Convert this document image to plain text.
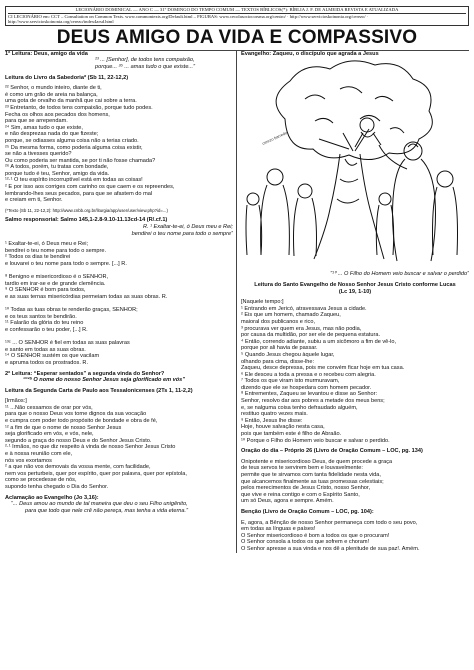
LECIONÁRIO DOMINICAL — ANO C — 31º DOMINGO DO TEMPO COMUM — TEXTOS BÍBLICOS(*): BÍBLIA J. F. DE ALMEIDA REVISTA E ATUALIZADA
CI LECIONÁRIO em: CCT – Consultation on Common Texts. www.commontexts.org/Default.html – FIGURAS: www.cecolasociocorsma.org/centro/ · http://www.servicioskoinonia.org/cerezo/ · http://www.servicioskoinonia.org/cerezo/index4arsd.html
DEUS AMIGO DA VIDA E COMPASSIVO

1ª Leitura: Deus, amigo da vida

²³ ... [Senhor], de todos tens compaixão,

porque... ²⁶ ... amas tudo o que existe...”

Leitura do Livro da Sabedoria* (Sb 11, 22-12,2)

²² Senhor, o mundo inteiro, diante de ti,

é como um grão de areia na balança,

uma gota de orvalho da manhã que cai sobre a terra.

²³ Entretanto, de todos tens compaixão, porque tudo podes.

Fecha os olhos aos pecados dos homens,

para que se arrependam.

²⁴ Sim, amas tudo o que existe,

e não desprezas nada do que fizeste;

porque, se odiasses alguma coisa não a terias criado.

²⁵ Da mesma forma, como poderia alguma coisa existir,

se não a tivesses querido?

Ou como poderia ser mantida, se por ti não fosse chamada?

²⁶ A todos, porém, tu tratas com bondade,

porque tudo é teu, Senhor, amigo da vida.

¹²·¹ O teu espírito incorruptível está em todas as coisas!

² E por isso aos corriges com carinho os que caem e os repreendes,

lembrando-lhes seus pecados, para que se afastem do mal

e creiam em ti, Senhor.

(*Texto (Sb 11, 22-12,2): http://www.cnbb.org.br/liturgia/app/user/user/view.php?id=...)

Salmo responsorial: Salmo 145,1-2.8-9.10-11.13cd-14 (R/.cf.1)

R. ¹ Exaltar-te-ei, ó Deus meu e Rei;

bendirei o teu nome para todo o sempre”

¹ Exaltar-te-ei, ó Deus meu e Rei;

bendirei o teu nome para todo o sempre.

² Todos os dias te bendirei

e louvarei o teu nome para todo o sempre. [...] R.

⁸ Benigno e misericordioso é o SENHOR,

tardio em irar-se e de grande clemência.

⁹ O SENHOR é bom para todos,

e as suas ternas misericórdias permeiam todas as suas obras. R.

¹⁰ Todas as tuas obras te renderão graças, SENHOR;

e os teus santos te bendirão.

¹¹ Falarão da glória do teu reino

e confessarão o teu poder, [...] R.

¹³ᶜ ... O SENHOR é fiel em todas as suas palavras

e santo em todas as suas obras.

¹⁴ O SENHOR sustém os que vacilam

e apruma todos os prostrados. R.

2ª Leitura: “Esperar sentados” a segunda vinda do Senhor?

“¹²ᵇ O nome do nosso Senhor Jesus seja glorificado em vós”

Leitura da Segunda Carta de Paulo aos Tessalonicenses (2Ts 1, 11-2,2)

[Irmãos:]

¹¹ ...Não cessamos de orar por vós,

para que o nosso Deus vos torne dignos da sua vocação

e cumpra com poder todo propósito de bondade e obra de fé,

¹² a fim de que o nome de nosso Senhor Jesus

seja glorificado em vós, e vós, nele,

segundo a graça do nosso Deus e do Senhor Jesus Cristo.

²·¹ Irmãos, no que diz respeito à vinda de nosso Senhor Jesus Cristo

e à nossa reunião com ele,

nós vos exortamos

² a que não vos demovais da vossa mente, com facilidade,

nem vos perturbeis, quer por espírito, quer por palavra, quer por epístola,

como se procedesse de nós,

supondo tenha chegado o Dia do Senhor.

Aclamação ao Evangelho (Jo 3,16):

“... Deus amou ao mundo de tal maneira que deu o seu Filho unigênito,

para que todo que nele crê não pereça, mas tenha a vida eterna.”

Evangelho: Zaqueu, o discípulo que agrada a Jesus

cerezo barredo

“¹⁰ ... O Filho do Homem veio buscar e salvar o perdido”

Leitura do Santo Evangelho de Nosso Senhor Jesus Cristo conforme Lucas

(Lc 19, 1-10)

[Naquele tempo:]

¹ Entrando em Jericó, atravessava Jesus a cidade.

² Eis que um homem, chamado Zaqueu,

maioral dos publicanos e rico,

³ procurava ver quem era Jesus, mas não podia,

por causa da multidão, por ser ele de pequena estatura.

⁴ Então, correndo adiante, subiu a um sicômoro a fim de vê-lo,

porque por ali havia de passar.

⁵ Quando Jesus chegou àquele lugar,

olhando para cima, disse-lhe:

Zaqueu, desce depressa, pois me convém ficar hoje em tua casa.

⁶ Ele desceu a toda a pressa e o recebeu com alegria.

⁷ Todos os que viram isto murmuravam,

dizendo que ele se hospedara com homem pecador.

⁸ Entrementes, Zaqueu se levantou e disse ao Senhor:

Senhor, resolvo dar aos pobres a metade dos meus bens;

e, se nalguma coisa tenho defraudado alguém,

restituo quatro vezes mais.

⁹ Então, Jesus lhe disse:

Hoje, houve salvação nesta casa,

pois que também este é filho de Abraão.

¹⁰ Porque o Filho do Homem veio buscar e salvar o perdido.

Oração do dia – Próprio 26 (Livro de Oração Comum – LOC, pg. 134)

Onipotente e misericordioso Deus, de quem procede a graça

de teus servos te servirem bem e louvavelmente:

permite que te sirvamos com tanta fidelidade nesta vida,

que alcancemos finalmente as tuas promessas celestiais;

pelos merecimentos de Jesus Cristo, nosso Senhor,

que vive e reina contigo e com o Espírito Santo,

um só Deus, agora e sempre. Amém.

Benção (Livro de Oração Comum – LOC, pg. 104):

E, agora, a Bênção de nosso Senhor permaneça com todo o seu povo,

em todas as línguas e países!

O Senhor misericordioso é bom a todos os que o procuram!

O Senhor consola a todos os que sofrem e choram!

O Senhor apresse a sua vinda e nos dê a plenitude de sua paz!. Amém.
